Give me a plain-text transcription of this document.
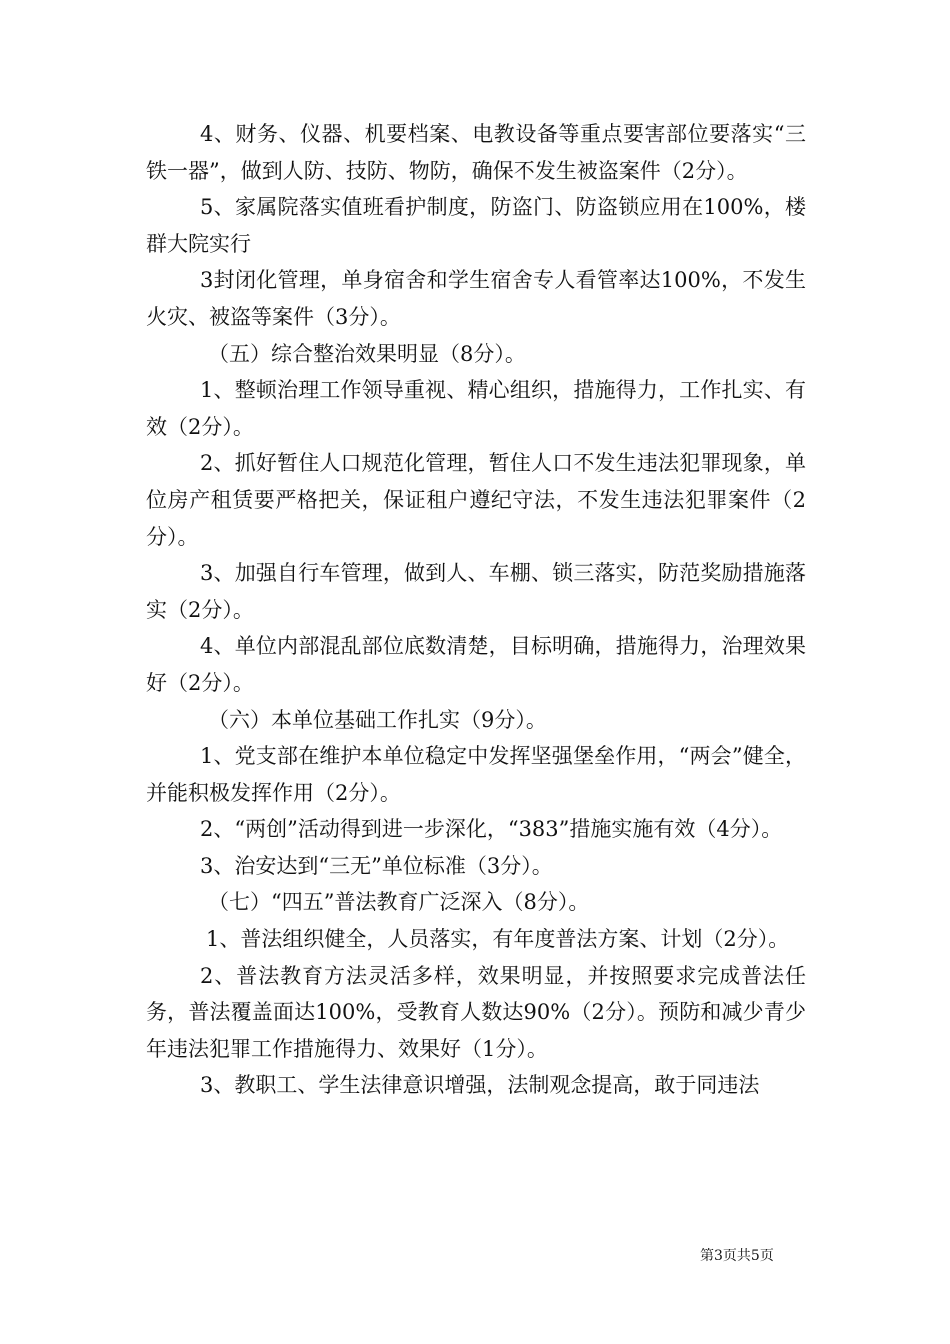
4、财务、仪器、机要档案、电教设备等重点要害部位要落实“三铁一器”，做到人防、技防、物防，确保不发生被盗案件（2分）。

5、家属院落实值班看护制度，防盗门、防盗锁应用在100%，楼群大院实行

3封闭化管理，单身宿舍和学生宿舍专人看管率达100%，不发生火灾、被盗等案件（3分）。

（五）综合整治效果明显（8分）。

1、整顿治理工作领导重视、精心组织，措施得力，工作扎实、有效（2分）。

2、抓好暂住人口规范化管理，暂住人口不发生违法犯罪现象，单位房产租赁要严格把关，保证租户遵纪守法，不发生违法犯罪案件（2分）。

3、加强自行车管理，做到人、车棚、锁三落实，防范奖励措施落实（2分）。

4、单位内部混乱部位底数清楚，目标明确，措施得力，治理效果好（2分）。

（六）本单位基础工作扎实（9分）。

1、党支部在维护本单位稳定中发挥坚强堡垒作用，“两会”健全，并能积极发挥作用（2分）。

2、“两创”活动得到进一步深化，“383”措施实施有效（4分）。

3、治安达到“三无”单位标准（3分）。

（七）“四五”普法教育广泛深入（8分）。

1、普法组织健全，人员落实，有年度普法方案、计划（2分）。

2、普法教育方法灵活多样，效果明显，并按照要求完成普法任务，普法覆盖面达100%，受教育人数达90%（2分）。预防和减少青少年违法犯罪工作措施得力、效果好（1分）。

3、教职工、学生法律意识增强，法制观念提高，敢于同违法

第3页共5页
